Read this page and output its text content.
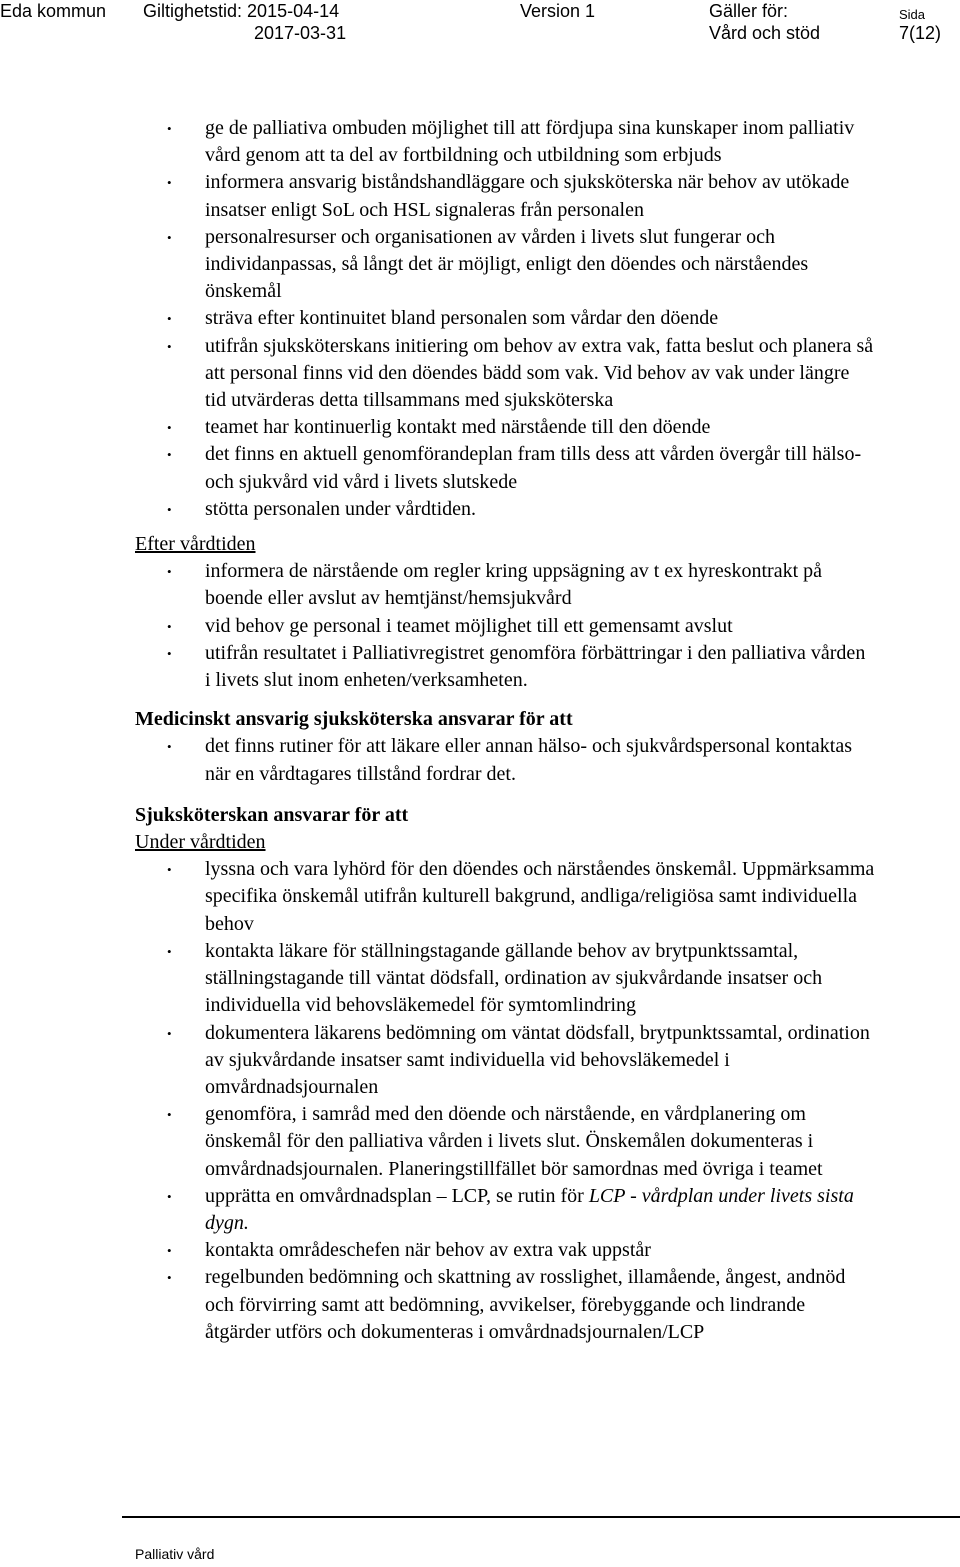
Eda kommun Giltighetstid: 2015-04-14
2017-03-31
Version 1	Gäller för:
Vård och stöd
Sida
7(12)
• ge de palliativa ombuden möjlighet till att fördjupa sina kunskaper inom palliativ vård genom att ta del av fortbildning och utbildning som erbjuds
• informera ansvarig biståndshandläggare och sjuksköterska när behov av utökade insatser enligt SoL och HSL signaleras från personalen
• personalresurser och organisationen av vården i livets slut fungerar och individanpassas, så långt det är möjligt, enligt den döendes och närståendes önskemål
• sträva efter kontinuitet bland personalen som vårdar den döende
• utifrån sjuksköterskans initiering om behov av extra vak, fatta beslut och planera så att personal finns vid den döendes bädd som vak. Vid behov av vak under längre tid utvärderas detta tillsammans med sjuksköterska
• teamet har kontinuerlig kontakt med närstående till den döende
• det finns en aktuell genomförandeplan fram tills dess att vården övergår till hälso- och sjukvård vid vård i livets slutskede
• stötta personalen under vårdtiden.
Efter vårdtiden
• informera de närstående om regler kring uppsägning av t ex hyreskontrakt på boende eller avslut av hemtjänst/hemsjukvård
• vid behov ge personal i teamet möjlighet till ett gemensamt avslut
• utifrån resultatet i Palliativregistret genomföra förbättringar i den palliativa vården i livets slut inom enheten/verksamheten.
Medicinskt ansvarig sjuksköterska ansvarar för att
• det finns rutiner för att läkare eller annan hälso- och sjukvårdspersonal kontaktas när en vårdtagares tillstånd fordrar det.
Sjuksköterskan ansvarar för att
Under vårdtiden
• lyssna och vara lyhörd för den döendes och närståendes önskemål. Uppmärksamma specifika önskemål utifrån kulturell bakgrund, andliga/religiösa samt individuella behov
• kontakta läkare för ställningstagande gällande behov av brytpunktssamtal, ställningstagande till väntat dödsfall, ordination av sjukvårdande insatser och individuella vid behovsläkemedel för symtomlindring
• dokumentera läkarens bedömning om väntat dödsfall, brytpunktssamtal, ordination av sjukvårdande insatser samt individuella vid behovsläkemedel i omvårdnadsjournalen
• genomföra, i samråd med den döende och närstående, en vårdplanering om önskemål för den palliativa vården i livets slut. Önskemålen dokumenteras i omvårdnadsjournalen. Planeringstillfället bör samordnas med övriga i teamet
• upprätta en omvårdnadsplan – LCP, se rutin för LCP - vårdplan under livets sista dygn.
• kontakta områdeschefen när behov av extra vak uppstår
• regelbunden bedömning och skattning av rosslighet, illamående, ångest, andnöd och förvirring samt att bedömning, avvikelser, förebyggande och lindrande åtgärder utförs och dokumenteras i omvårdnadsjournalen/LCP
Palliativ vård
